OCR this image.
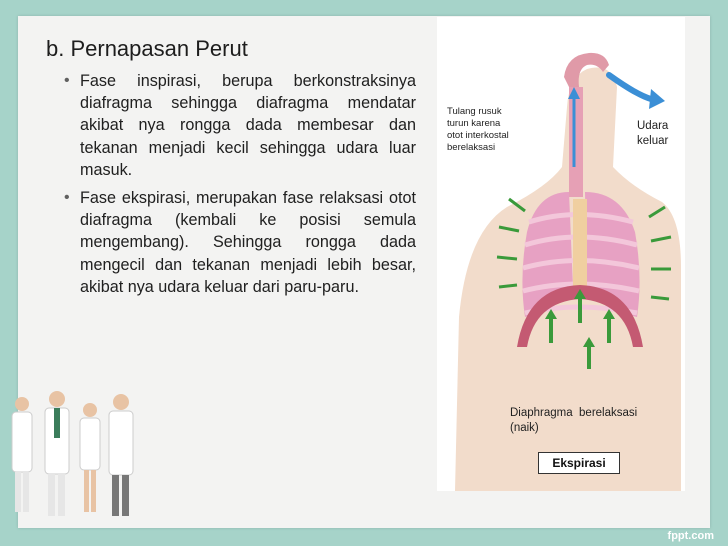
b. Pernapasan Perut
• Fase inspirasi, berupa berkonstraksinya diafragma sehingga diafragma mendatar akibat nya rongga dada membesar dan tekanan menjadi kecil sehingga udara luar masuk.
• Fase ekspirasi, merupakan fase relaksasi otot diafragma (kembali ke posisi semula mengembang). Sehingga rongga dada mengecil dan tekanan menjadi lebih besar, akibat nya udara keluar dari paru-paru.
Tulang rusuk
turun karena
otot interkostal
berelaksasi
Udara
keluar
Diaphragma  berelaksasi
(naik)
Ekspirasi
fppt.com
